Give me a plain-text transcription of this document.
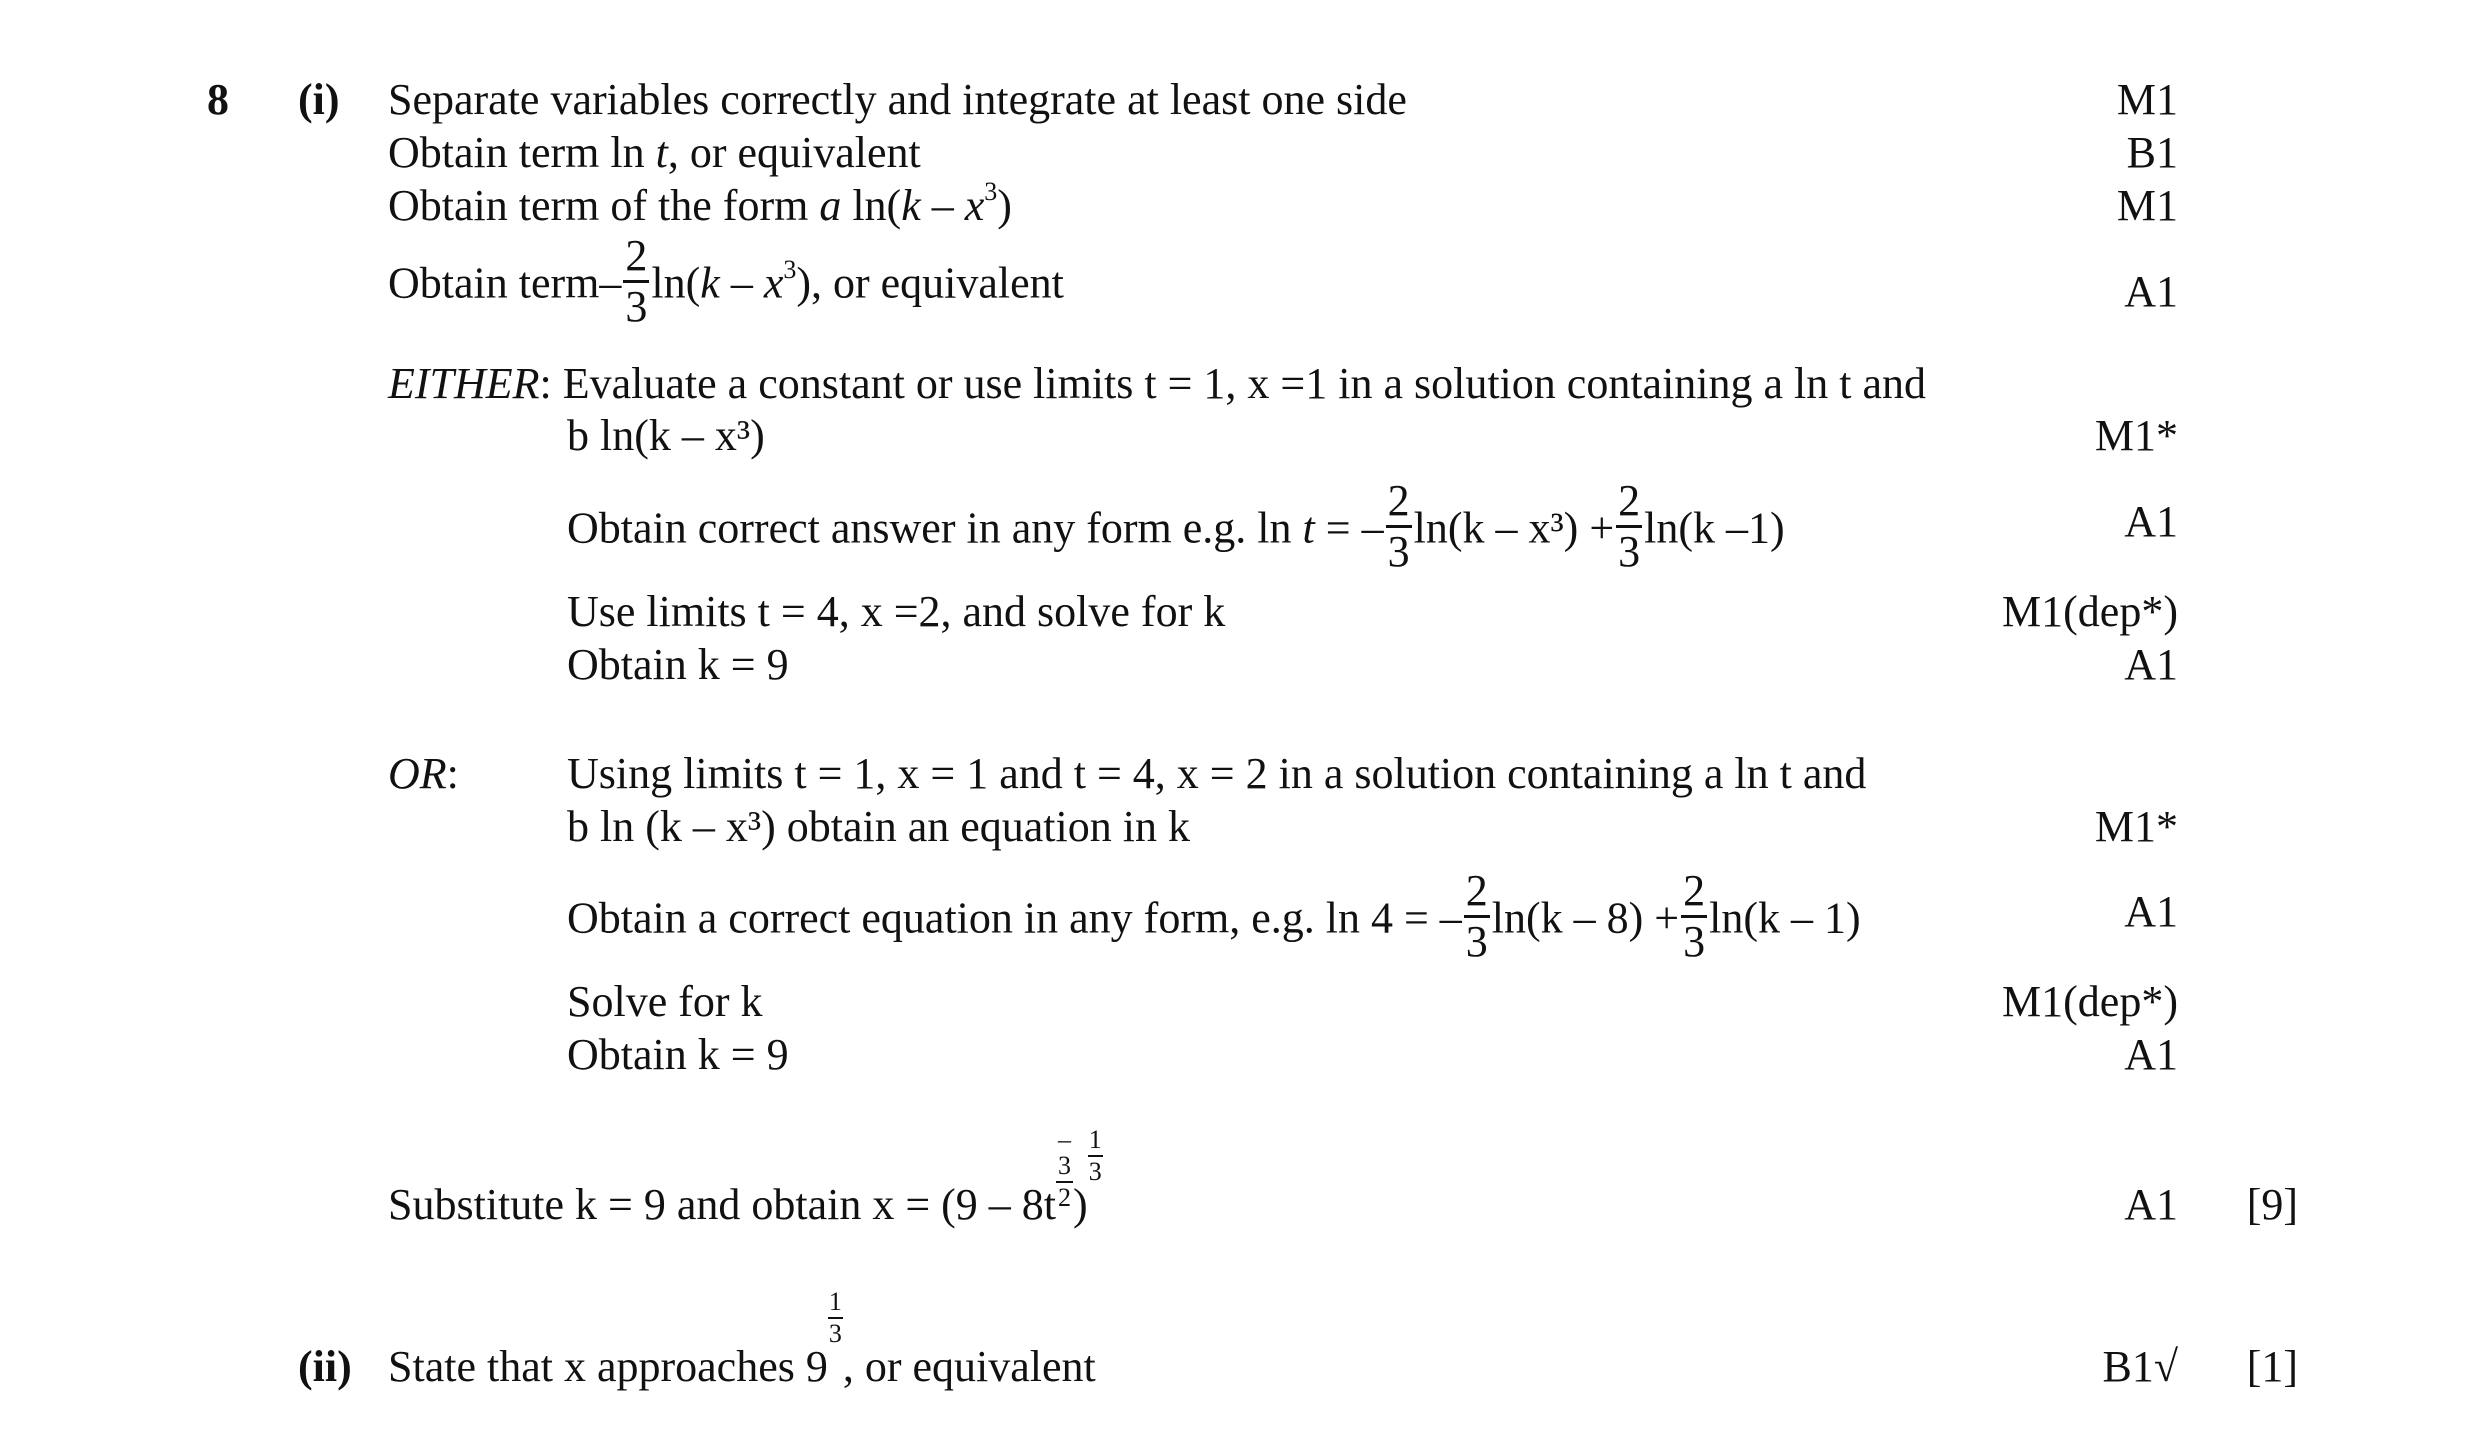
8 (i)
(ii)
Separate variables correctly and integrate at least one side
Obtain term ln t, or equivalent
Obtain term of the form a $\ln(k - x^3)$
Obtain term– $\frac{2}{3} \ln(k - x^3)$, or equivalent
EITHER: Evaluate a constant or use limits t = 1, x =1 in a solution containing a ln t and
b ln(k – x³)
Obtain correct answer in any form e.g. ln t = – $\frac{2}{3} \ln(k - x^3) + \frac{2}{3} \ln(k$ –1)
Use limits t = 4, x =2, and solve for k
Obtain k = 9
OR: Using limits t = 1, x = 1 and t = 4, x = 2 in a solution containing a ln t and
b ln (k – x³) obtain an equation in k
Obtain a correct equation in any form, e.g. ln 4 = – $\frac{2}{3} \ln(k - 8) + \frac{2}{3} \ln(k - 1)$
Solve for k
Obtain k = 9
Substitute k = 9 and obtain x = (9 – 8t –
3
2 )
$\frac{1}{3}$
State that x approaches 9
$\frac{1}{3}$
, or equivalent
M1
B1
M1
A1
M1*
A1
M1(dep*)
A1
M1*
A1
M1(dep*)
A1
A1
B1√
[9]
[1]
